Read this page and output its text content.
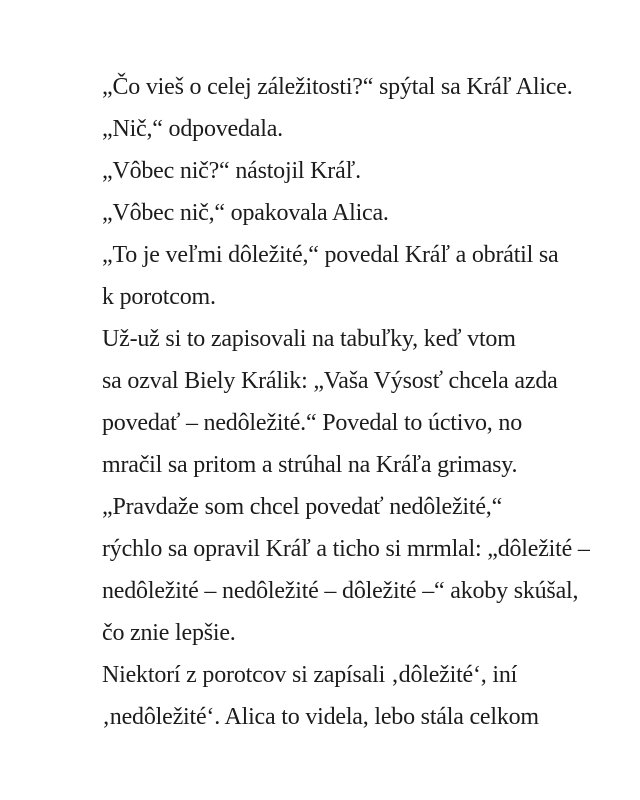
„Čo vieš o celej záležitosti?“ spýtal sa Kráľ Alice.

„Nič,“ odpovedala.

„Vôbec nič?“ nástojil Kráľ.

„Vôbec nič,“ opakovala Alica.

„To je veľmi dôležité,“ povedal Kráľ a obrátil sa
k porotcom.

Už-už si to zapisovali na tabuľky, keď vtom
sa ozval Biely Králik: „Vaša Výsosť chcela azda
povedať – nedôležité.“ Povedal to úctivo, no
mračil sa pritom a strúhal na Kráľa grimasy.

„Pravdaže som chcel povedať nedôležité,“
rýchlo sa opravil Kráľ a ticho si mrmlal: „dôležité –
nedôležité – nedôležité – dôležité –“ akoby skúšal,
čo znie lepšie.

Niektorí z porotcov si zapísali ‚dôležité‘, iní
‚nedôležité‘. Alica to videla, lebo stála celkom
